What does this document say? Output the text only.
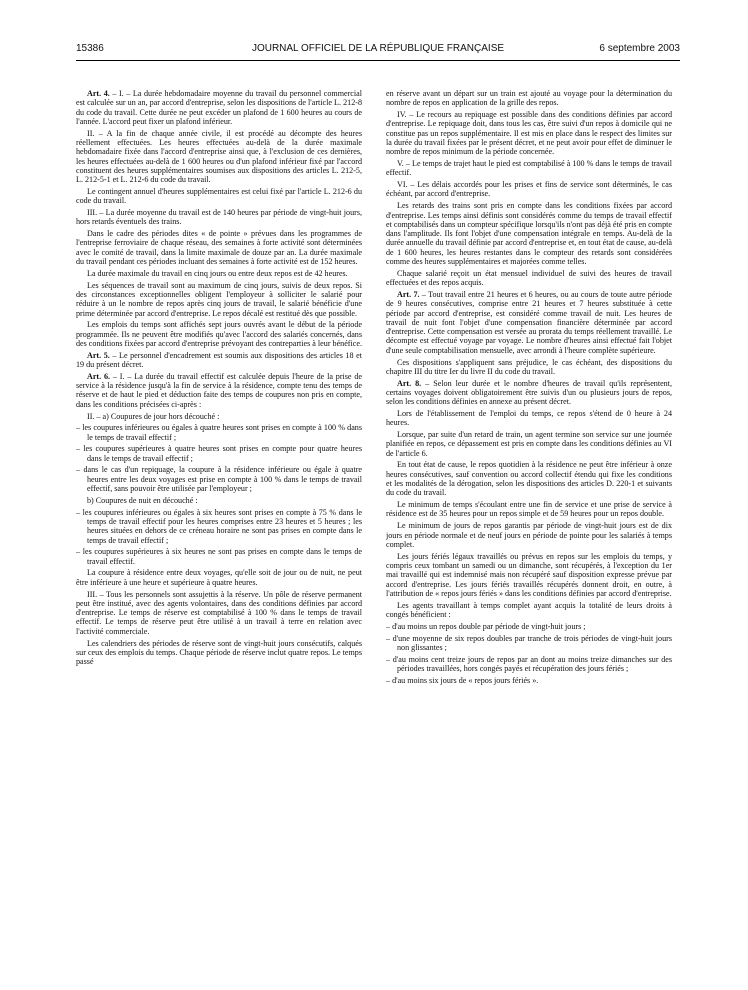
15386	JOURNAL OFFICIEL DE LA RÉPUBLIQUE FRANÇAISE	6 septembre 2003

Art. 4. – I. – La durée hebdomadaire moyenne du travail du personnel commercial est calculée sur un an, par accord d'entreprise, selon les dispositions de l'article L. 212-8 du code du travail. Cette durée ne peut excéder un plafond de 1 600 heures au cours de l'année. L'accord peut fixer un plafond inférieur.

II. – A la fin de chaque année civile, il est procédé au décompte des heures réellement effectuées. Les heures effectuées au-delà de la durée maximale hebdomadaire fixée dans l'accord d'entreprise ainsi que, à l'exclusion de ces dernières, les heures effectuées au-delà de 1 600 heures ou d'un plafond inférieur fixé par l'accord constituent des heures supplémentaires soumises aux dispositions des articles L. 212-5, L. 212-5-1 et L. 212-6 du code du travail.

Le contingent annuel d'heures supplémentaires est celui fixé par l'article L. 212-6 du code du travail.

III. – La durée moyenne du travail est de 140 heures par période de vingt-huit jours, hors retards éventuels des trains.

Dans le cadre des périodes dites « de pointe » prévues dans les programmes de l'entreprise ferroviaire de chaque réseau, des semaines à forte activité sont déterminées avec le comité de travail, dans la limite maximale de douze par an. La durée maximale du travail pendant ces périodes incluant des semaines à forte activité est de 152 heures.

La durée maximale du travail en cinq jours ou entre deux repos est de 42 heures.

Les séquences de travail sont au maximum de cinq jours, suivis de deux repos. Si des circonstances exceptionnelles obligent l'employeur à solliciter le salarié pour réduire à un le nombre de repos après cinq jours de travail, le salarié bénéficie d'une prime déterminée par accord d'entreprise. Le repos décalé est restitué dès que possible.

Les emplois du temps sont affichés sept jours ouvrés avant le début de la période programmée. Ils ne peuvent être modifiés qu'avec l'accord des salariés concernés, dans des conditions fixées par accord d'entreprise prévoyant des contreparties à leur bénéfice.

Art. 5. – Le personnel d'encadrement est soumis aux dispositions des articles 18 et 19 du présent décret.

Art. 6. – I. – La durée du travail effectif est calculée depuis l'heure de la prise de service à la résidence jusqu'à la fin de service à la résidence, compte tenu des temps de réserve et de haut le pied et déduction faite des temps de coupures non pris en compte, dans les conditions précisées ci-après :

II. – a) Coupures de jour hors découché :

– les coupures inférieures ou égales à quatre heures sont prises en compte à 100 % dans le temps de travail effectif ;

– les coupures supérieures à quatre heures sont prises en compte pour quatre heures dans le temps de travail effectif ;

– dans le cas d'un repiquage, la coupure à la résidence inférieure ou égale à quatre heures entre les deux voyages est prise en compte à 100 % dans le temps de travail effectif, sans pouvoir être utilisée par l'employeur ;

b) Coupures de nuit en découché :

– les coupures inférieures ou égales à six heures sont prises en compte à 75 % dans le temps de travail effectif pour les heures comprises entre 23 heures et 5 heures ; les heures situées en dehors de ce créneau horaire ne sont pas prises en compte dans le temps de travail effectif ;

– les coupures supérieures à six heures ne sont pas prises en compte dans le temps de travail effectif.

La coupure à résidence entre deux voyages, qu'elle soit de jour ou de nuit, ne peut être inférieure à une heure et supérieure à quatre heures.

III. – Tous les personnels sont assujettis à la réserve. Un pôle de réserve permanent peut être institué, avec des agents volontaires, dans des conditions définies par accord d'entreprise. Le temps de réserve est comptabilisé à 100 % dans le temps de travail effectif. Le temps de réserve peut être utilisé à un travail à terre en relation avec l'activité commerciale.

Les calendriers des périodes de réserve sont de vingt-huit jours consécutifs, calqués sur ceux des emplois du temps. Chaque période de réserve inclut quatre repos. Le temps passé

en réserve avant un départ sur un train est ajouté au voyage pour la détermination du nombre de repos en application de la grille des repos.

IV. – Le recours au repiquage est possible dans des conditions définies par accord d'entreprise. Le repiquage doit, dans tous les cas, être suivi d'un repos à domicile qui ne constitue pas un repos supplémentaire. Il est mis en place dans le respect des limites sur la durée du travail fixées par le présent décret, et ne peut avoir pour effet de diminuer le nombre de repos minimum de la période concernée.

V. – Le temps de trajet haut le pied est comptabilisé à 100 % dans le temps de travail effectif.

VI. – Les délais accordés pour les prises et fins de service sont déterminés, le cas échéant, par accord d'entreprise.

Les retards des trains sont pris en compte dans les conditions fixées par accord d'entreprise. Les temps ainsi définis sont considérés comme du temps de travail effectif et comptabilisés dans un compteur spécifique lorsqu'ils n'ont pas déjà été pris en compte dans l'amplitude. Ils font l'objet d'une compensation intégrale en temps. Au-delà de la durée annuelle du travail définie par accord d'entreprise et, en tout état de cause, au-delà de 1 600 heures, les heures restantes dans le compteur des retards sont considérées comme des heures supplémentaires et majorées comme telles.

Chaque salarié reçoit un état mensuel individuel de suivi des heures de travail effectuées et des repos acquis.

Art. 7. – Tout travail entre 21 heures et 6 heures, ou au cours de toute autre période de 9 heures consécutives, comprise entre 21 heures et 7 heures substituée à cette période par accord d'entreprise, est considéré comme travail de nuit. Les heures de travail de nuit font l'objet d'une compensation financière déterminée par accord d'entreprise. Cette compensation est versée au prorata du temps réellement travaillé. Le décompte est effectué voyage par voyage. Le nombre d'heures ainsi effectué fait l'objet d'une seule comptabilisation mensuelle, avec arrondi à l'heure complète supérieure.

Ces dispositions s'appliquent sans préjudice, le cas échéant, des dispositions du chapitre III du titre Ier du livre II du code du travail.

Art. 8. – Selon leur durée et le nombre d'heures de travail qu'ils représentent, certains voyages doivent obligatoirement être suivis d'un ou plusieurs jours de repos, selon les conditions définies en annexe au présent décret.

Lors de l'établissement de l'emploi du temps, ce repos s'étend de 0 heure à 24 heures.

Lorsque, par suite d'un retard de train, un agent termine son service sur une journée planifiée en repos, ce dépassement est pris en compte dans les conditions définies au VI de l'article 6.

En tout état de cause, le repos quotidien à la résidence ne peut être inférieur à onze heures consécutives, sauf convention ou accord collectif étendu qui fixe les conditions et les modalités de la dérogation, selon les dispositions des articles D. 220-1 et suivants du code du travail.

Le minimum de temps s'écoulant entre une fin de service et une prise de service à résidence est de 35 heures pour un repos simple et de 59 heures pour un repos double.

Le minimum de jours de repos garantis par période de vingt-huit jours est de dix jours en période normale et de neuf jours en période de pointe pour les salariés à temps complet.

Les jours fériés légaux travaillés ou prévus en repos sur les emplois du temps, y compris ceux tombant un samedi ou un dimanche, sont récupérés, à l'exception du 1er mai travaillé qui est indemnisé mais non récupéré sauf disposition expresse prévue par accord d'entreprise. Les jours fériés travaillés récupérés donnent droit, en outre, à l'attribution de « repos jours fériés » dans les conditions définies par accord d'entreprise.

Les agents travaillant à temps complet ayant acquis la totalité de leurs droits à congés bénéficient :

– d'au moins un repos double par période de vingt-huit jours ;

– d'une moyenne de six repos doubles par tranche de trois périodes de vingt-huit jours non glissantes ;

– d'au moins cent treize jours de repos par an dont au moins treize dimanches sur des périodes travaillées, hors congés payés et récupération des jours fériés ;

– d'au moins six jours de « repos jours fériés ».
